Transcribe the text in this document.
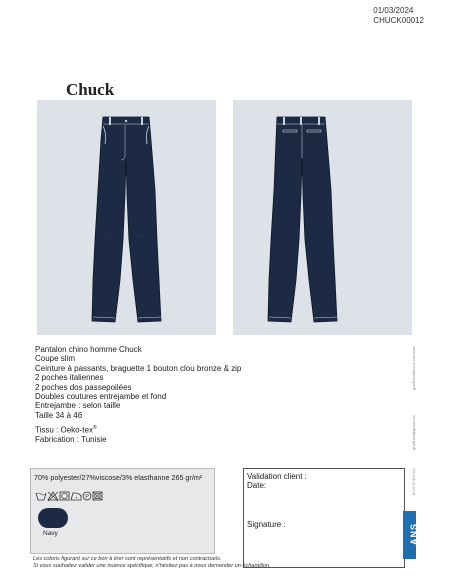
01/03/2024
CHUCK00012
Chuck
Pantalon chino homme Chuck
Coupe slim
Ceinture à passants, braguette 1 bouton clou bronze & zip
2 poches italiennes
2 poches dos passepoilées
Doubles coutures entrejambe et fond
Entrejambe : selon taille
Taille 34 à 46
Tissu : Oeko-tex®
Fabrication : Tunisie
70% polyester/27%viscose/3% elasthanne 265 gr/m²
P
Navy
Validation client :
Date:
Signature :	ANS
gl-toff-foodservice.com/www
gl-toff-ans@gmail.com
tel 03 20 202 021
Les coloris figurant sur ce bon à tirer sont représentatifs et non contractuels.
Si vous souhaitez valider une nuance spécifique, n'hésitez pas à nous demander un échantillon.
